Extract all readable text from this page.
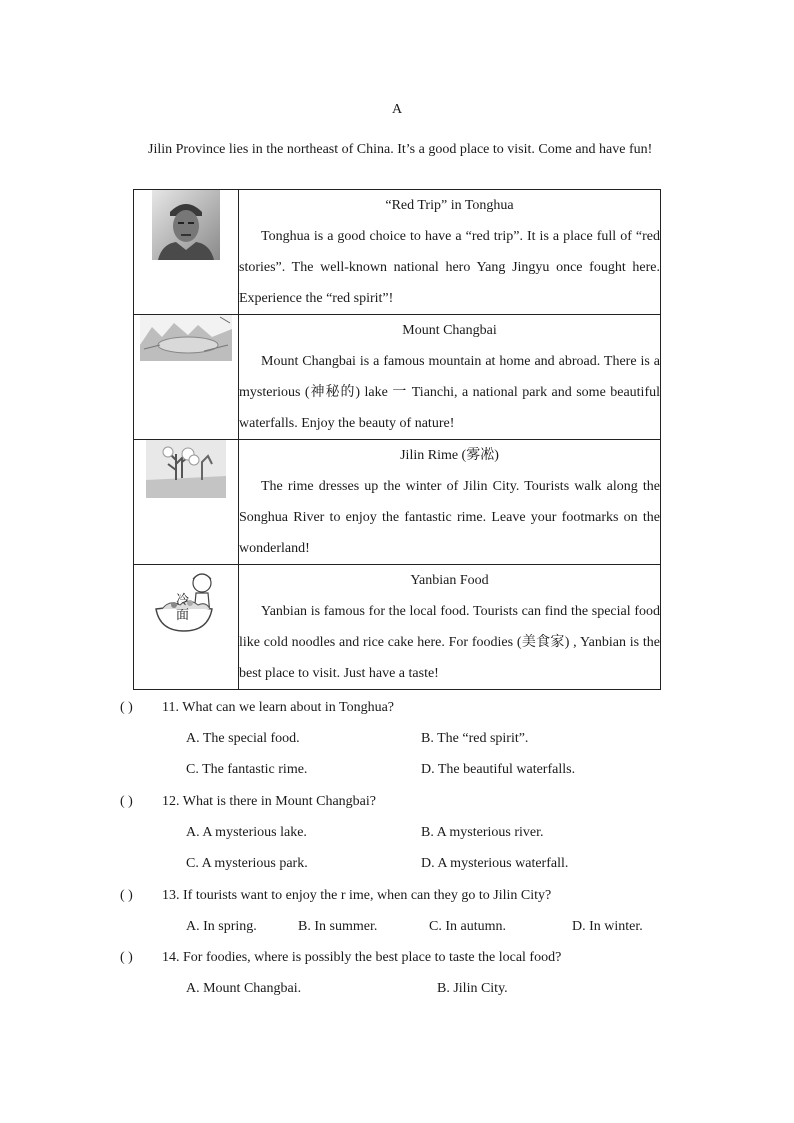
A
Jilin Province lies in the northeast of China. It’s a good place to visit. Come and have fun!

“Red Trip” in Tonghua
Tonghua is a good choice to have a “red trip”. It is a place full of “red stories”. The well-known national hero Yang Jingyu once fought here. Experience the “red spirit”!

Mount Changbai
Mount Changbai is a famous mountain at home and abroad. There is a mysterious (神秘的) lake 一 Tianchi, a national park and some beautiful waterfalls. Enjoy the beauty of nature!

Jilin Rime (雾凇)
The rime dresses up the winter of Jilin City. Tourists walk along the Songhua River to enjoy the fantastic rime. Leave your footmarks on the wonderland!

冷面	Yanbian Food
Yanbian is famous for the local food. Tourists can find the special food like cold noodles and rice cake here. For foodies (美食家) , Yanbian is the best place to visit. Just have a taste!
( ) 11. What can we learn about in Tonghua?
A. The special food.	B. The “red spirit”.
C. The fantastic rime.	D. The beautiful waterfalls.
( ) 12. What is there in Mount Changbai?
A. A mysterious lake.	B. A mysterious river.
C. A mysterious park.	D. A mysterious waterfall.
( ) 13. If tourists want to enjoy the r ime, when can they go to Jilin City?
A. In spring.	B. In summer.	C. In autumn.	D. In winter.
( ) 14. For foodies, where is possibly the best place to taste the local food?
A. Mount Changbai.	B. Jilin City.
